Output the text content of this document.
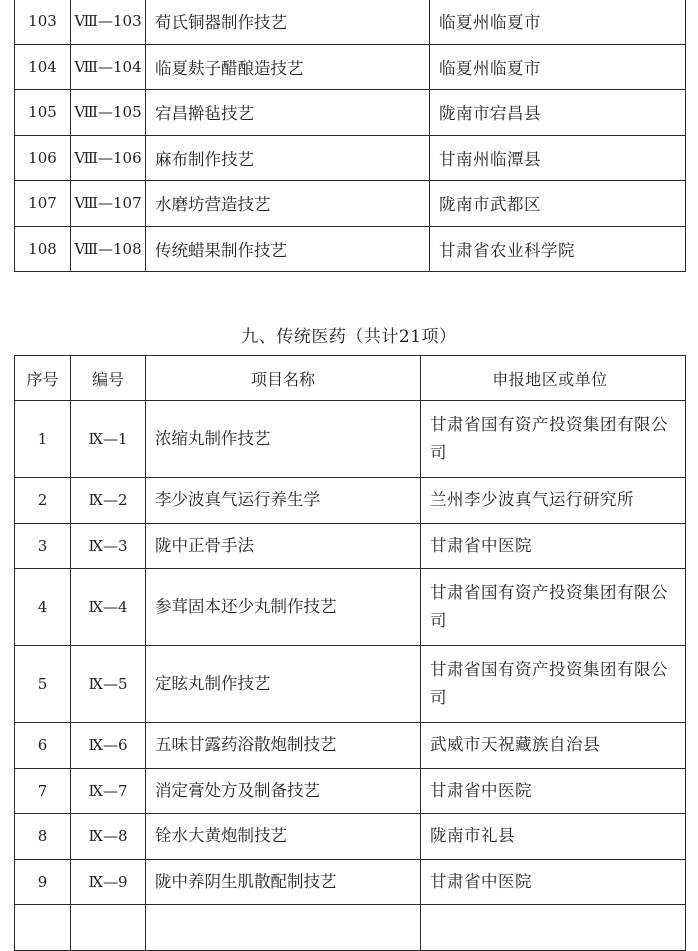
103	Ⅷ—103	荀氏铜器制作技艺	临夏州临夏市
104	Ⅷ—104	临夏麸子醋酿造技艺	临夏州临夏市
105	Ⅷ—105	宕昌擀毡技艺	陇南市宕昌县
106	Ⅷ—106	麻布制作技艺	甘南州临潭县
107	Ⅷ—107	水磨坊营造技艺	陇南市武都区
108	Ⅷ—108	传统蜡果制作技艺	甘肃省农业科学院
九、传统医药（共计21项）
序号	编号	项目名称	申报地区或单位
1	Ⅸ—1	浓缩丸制作技艺	甘肃省国有资产投资集团有限公司
2	Ⅸ—2	李少波真气运行养生学	兰州李少波真气运行研究所
3	Ⅸ—3	陇中正骨手法	甘肃省中医院
4	Ⅸ—4	参茸固本还少丸制作技艺	甘肃省国有资产投资集团有限公司
5	Ⅸ—5	定眩丸制作技艺	甘肃省国有资产投资集团有限公司
6	Ⅸ—6	五味甘露药浴散炮制技艺	武威市天祝藏族自治县
7	Ⅸ—7	消定膏处方及制备技艺	甘肃省中医院
8	Ⅸ—8	铨水大黄炮制技艺	陇南市礼县
9	Ⅸ—9	陇中养阴生肌散配制技艺	甘肃省中医院
